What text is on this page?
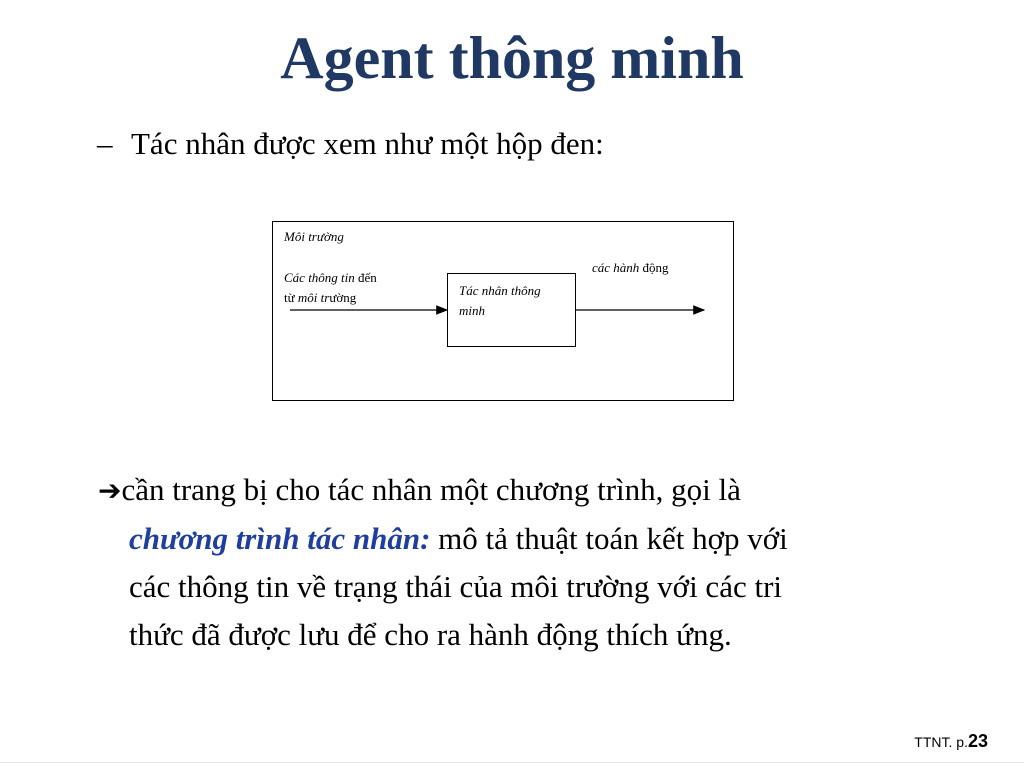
Agent thông minh
– Tác nhân được xem như một hộp đen:
Môi trường
Các thông tin đến
từ môi trường	Tác nhân thông
minh
các hành động
➔cần trang bị cho tác nhân một chương trình, gọi là
chương trình tác nhân: mô tả thuật toán kết hợp với
các thông tin về trạng thái của môi trường với các tri
thức đã được lưu để cho ra hành động thích ứng.
TTNT. p.23
